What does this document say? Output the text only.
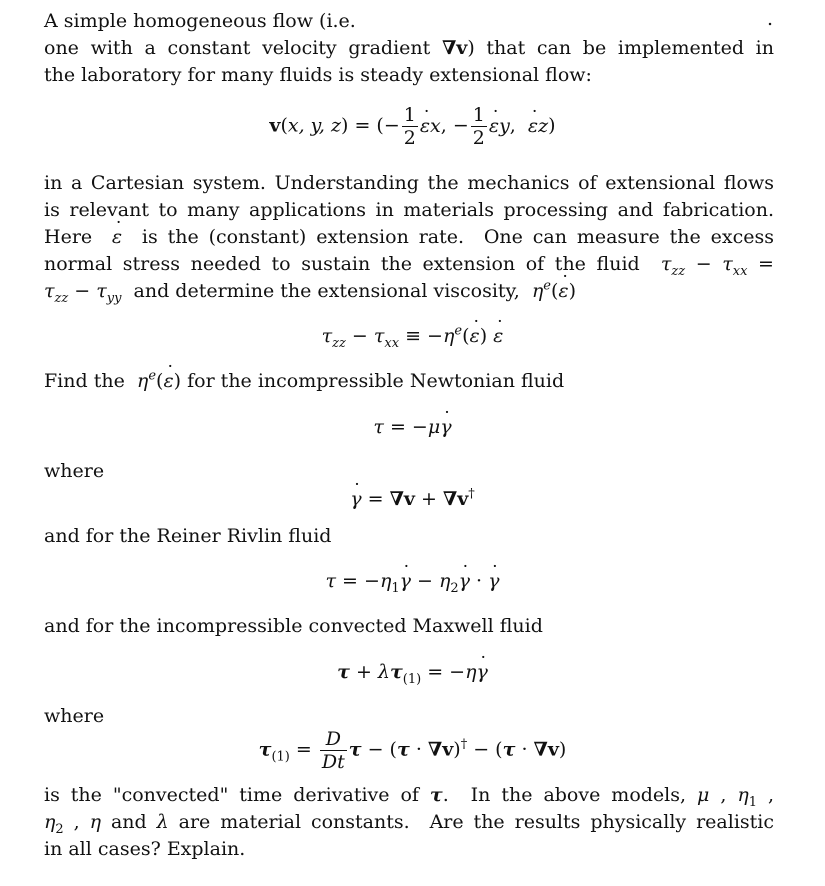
A simple homogeneous flow (i.e.	.
one with a constant velocity gradient ∇v) that can be implemented in
the laboratory for many fluids is steady extensional flow:
v(x, y, z) = (− $\frac{1}{2}$ ε ˙x, − $\frac{1}{2}$ ε ˙y,  ε ˙z)
in a Cartesian system. Understanding the mechanics of extensional flows
is relevant to many applications in materials processing and fabrication.
Here ε ˙ is the (constant) extension rate. One can measure the excess
normal stress needed to sustain the extension of the fluid $\tau_{zz} - \tau_{xx}$ =
$\tau_{zz} - \tau_{yy}$ and determine the extensional viscosity, $\eta^e(\varepsilon$ ˙)
$\tau_{zz} - \tau_{xx} \equiv -\eta^e(\varepsilon$ ˙) ε ˙
Find the $\eta^e(\varepsilon$ ˙) for the incompressible Newtonian fluid
τ = −μγ ˙
where
γ ˙ = ∇v + ∇v†
and for the Reiner Rivlin fluid
$\tau = -\eta_1\gamma$ ˙ − $\eta_2\gamma$ ˙ · γ ˙
and for the incompressible convected Maxwell fluid
$\tau + \lambda\tau_{(1)} = -\eta\gamma$ ˙
where
$\tau_{(1)} = \frac{D}{Dt}$ τ − (τ · ∇v)† − (τ · ∇v)
is the "convected" time derivative of τ.  In the above models, μ , $\eta_1$ ,
$\eta_2$ , η and λ are material constants. Are the results physically realistic
in all cases? Explain.
